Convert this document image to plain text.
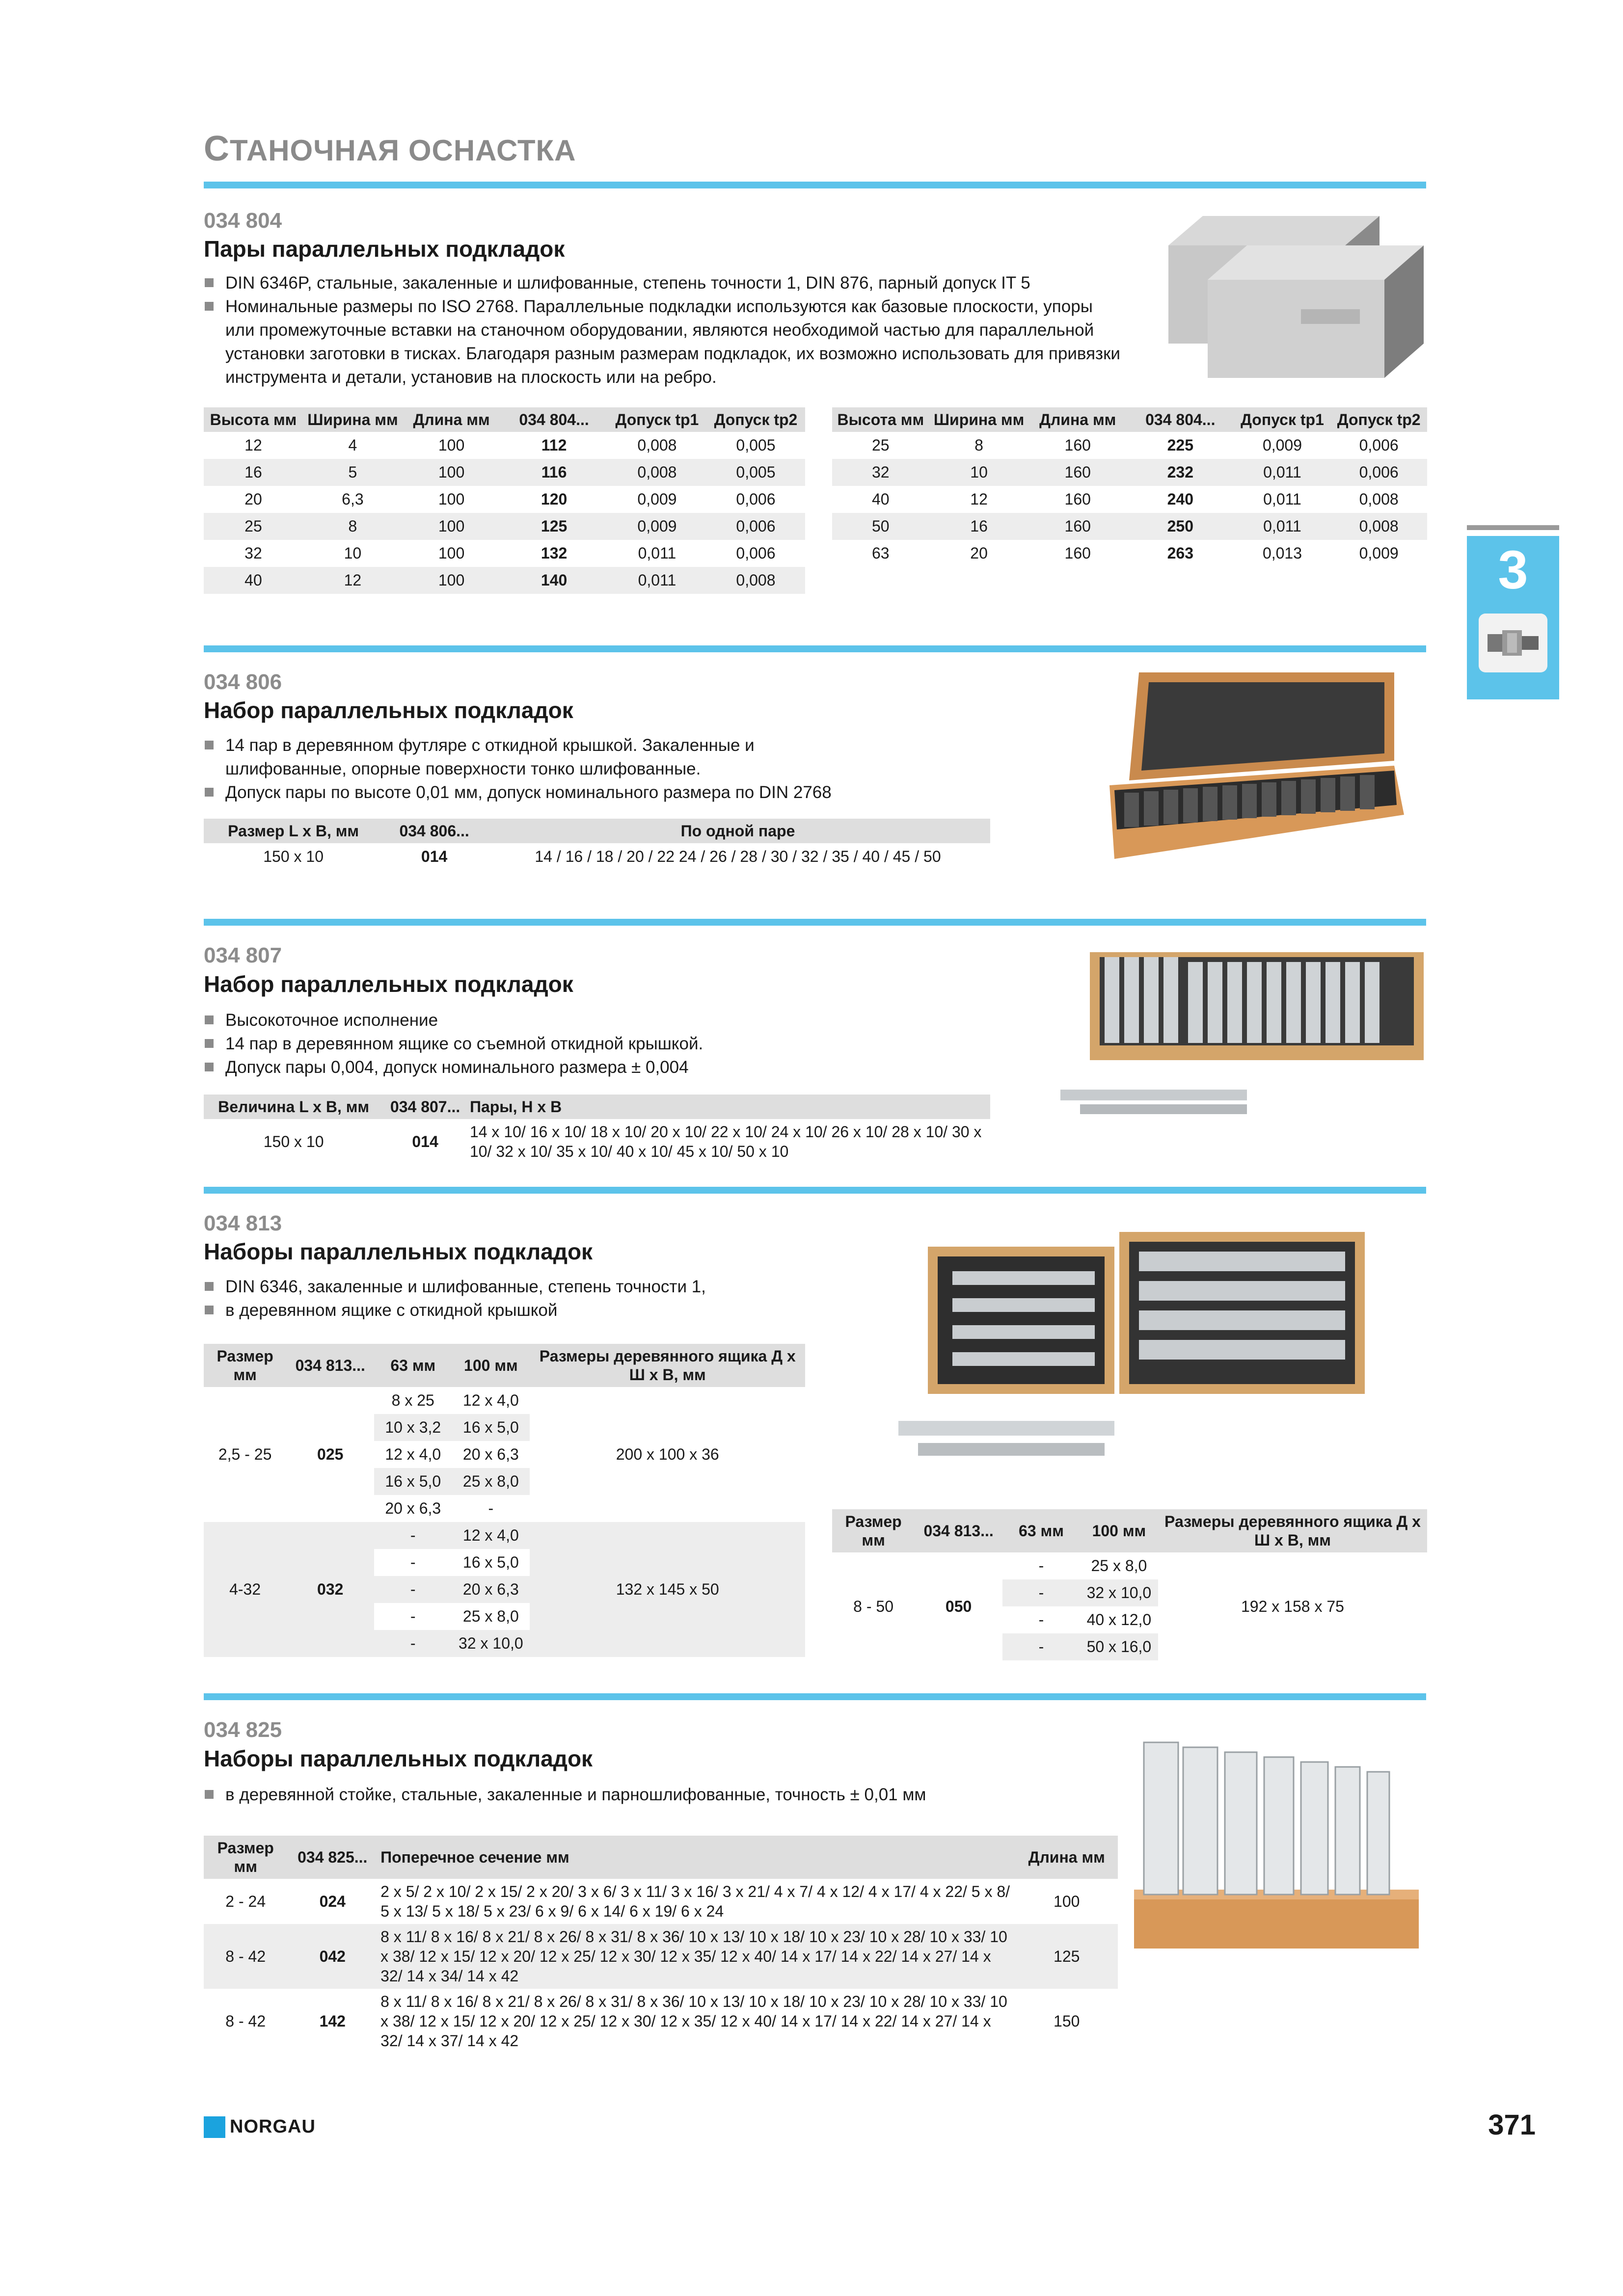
СТАНОЧНАЯ ОСНАСТКА
3
034 804
Пары параллельных подкладок
DIN 6346P, стальные, закаленные и шлифованные, степень точности 1, DIN 876, парный допуск IT 5
Номинальные размеры по ISO 2768. Параллельные подкладки используются как базовые плоскости, упоры или промежуточные вставки на станочном оборудовании, являются необходимой частью для параллельной установки заготовки в тисках. Благодаря разным размерам подкладок, их возможно использовать для привязки инструмента и детали, установив на плоскость или на ребро.
Высота мм	Ширина мм	Длина мм	034 804...	Допуск tp1	Допуск tp2
12	4	100	112	0,008	0,005
16	5	100	116	0,008	0,005
20	6,3	100	120	0,009	0,006
25	8	100	125	0,009	0,006
32	10	100	132	0,011	0,006
40	12	100	140	0,011	0,008
Высота мм	Ширина мм	Длина мм	034 804...	Допуск tp1	Допуск tp2
25	8	160	225	0,009	0,006
32	10	160	232	0,011	0,006
40	12	160	240	0,011	0,008
50	16	160	250	0,011	0,008
63	20	160	263	0,013	0,009
034 806
Набор параллельных подкладок
14 пар в деревянном футляре с откидной крышкой. Закаленные и шлифованные, опорные поверхности тонко шлифованные.
Допуск пары по высоте 0,01 мм, допуск номинального размера по DIN 2768
Размер L x B, мм	034 806...	По одной паре
150 x 10	014	14 / 16 / 18 / 20 / 22 24 / 26 / 28 / 30 / 32 / 35 / 40 / 45 / 50
034 807
Набор параллельных подкладок
Высокоточное исполнение
14 пар в деревянном ящике со съемной откидной крышкой.
Допуск пары 0,004, допуск номинального размера ± 0,004
Величина L x B, мм	034 807...	Пары, H x B
150 x 10	014	14 x 10/ 16 x 10/ 18 x 10/ 20 x 10/ 22 x 10/ 24 x 10/ 26 x 10/ 28 x 10/ 30 x 10/ 32 x 10/ 35 x 10/ 40 x 10/ 45 x 10/ 50 x 10
034 813
Наборы параллельных подкладок
DIN 6346, закаленные и шлифованные, степень точности 1,
в деревянном ящике с откидной крышкой
Размер мм	034 813...	63 мм	100 мм	Размеры деревянного ящика Д x Ш x В, мм
2,5 - 25	025	8 x 25	12 x 4,0	200 x 100 x 36
		10 x 3,2	16 x 5,0	
		12 x 4,0	20 x 6,3	
		16 x 5,0	25 x 8,0	
		20 x 6,3	-	
4-32	032	-	12 x 4,0	132 x 145 x 50
		-	16 x 5,0	
		-	20 x 6,3	
		-	25 x 8,0	
		-	32 x 10,0	
Размер мм	034 813...	63 мм	100 мм	Размеры деревянного ящика Д x Ш x В, мм
8 - 50	050	-	25 x 8,0	192 x 158 x 75
		-	32 x 10,0	
		-	40 x 12,0	
		-	50 x 16,0	
034 825
Наборы параллельных подкладок
в деревянной стойке, стальные, закаленные и парношлифованные, точность ± 0,01 мм
Размер мм	034 825...	Поперечное сечение мм	Длина мм
2 - 24	024	2 x 5/ 2 x 10/ 2 x 15/ 2 x 20/ 3 x 6/ 3 x 11/ 3 x 16/ 3 x 21/ 4 x 7/ 4 x 12/ 4 x 17/ 4 x 22/ 5 x 8/ 5 x 13/ 5 x 18/ 5 x 23/ 6 x 9/ 6 x 14/ 6 x 19/ 6 x 24	100
8 - 42	042	8 x 11/ 8 x 16/ 8 x 21/ 8 x 26/ 8 x 31/ 8 x 36/ 10 x 13/ 10 x 18/ 10 x 23/ 10 x 28/ 10 x 33/ 10 x 38/ 12 x 15/ 12 x 20/ 12 x 25/ 12 x 30/ 12 x 35/ 12 x 40/ 14 x 17/ 14 x 22/ 14 x 27/ 14 x 32/ 14 x 34/ 14 x 42	125
8 - 42	142	8 x 11/ 8 x 16/ 8 x 21/ 8 x 26/ 8 x 31/ 8 x 36/ 10 x 13/ 10 x 18/ 10 x 23/ 10 x 28/ 10 x 33/ 10 x 38/ 12 x 15/ 12 x 20/ 12 x 25/ 12 x 30/ 12 x 35/ 12 x 40/ 14 x 17/ 14 x 22/ 14 x 27/ 14 x 32/ 14 x 37/ 14 x 42	150
NORGAU	371
